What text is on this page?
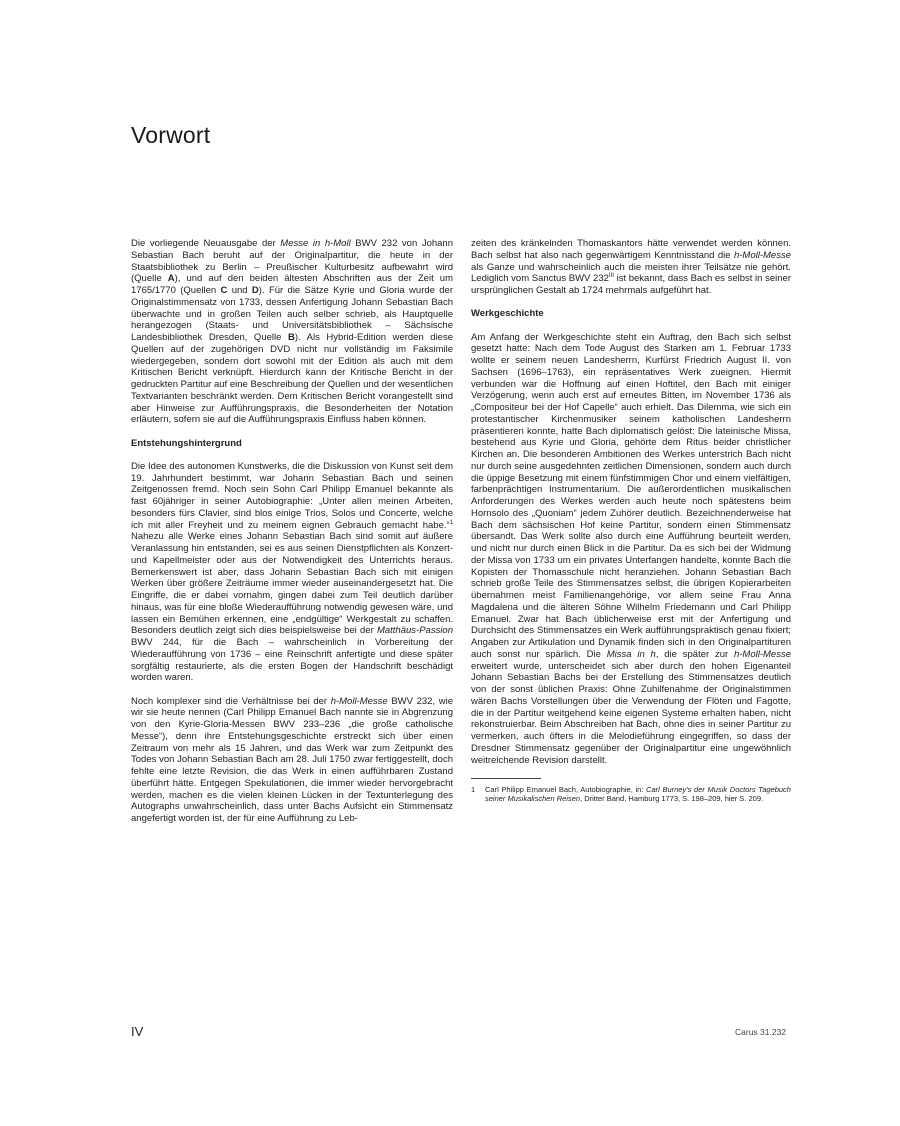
Vorwort

Die vorliegende Neuausgabe der Messe in h-Moll BWV 232 von Johann Sebastian Bach beruht auf der Originalpartitur, die heute in der Staatsbibliothek zu Berlin – Preußischer Kulturbesitz aufbewahrt wird (Quelle A), und auf den beiden ältesten Abschriften aus der Zeit um 1765/1770 (Quellen C und D). Für die Sätze Kyrie und Gloria wurde der Originalstimmensatz von 1733, dessen Anfertigung Johann Sebastian Bach überwachte und in großen Teilen auch selber schrieb, als Hauptquelle herangezogen (Staats- und Universitätsbibliothek – Sächsische Landesbibliothek Dresden, Quelle B). Als Hybrid-Edition werden diese Quellen auf der zugehörigen DVD nicht nur vollständig im Faksimile wiedergegeben, sondern dort sowohl mit der Edition als auch mit dem Kritischen Bericht verknüpft. Hierdurch kann der Kritische Bericht in der gedruckten Partitur auf eine Beschreibung der Quellen und der wesentlichen Textvarianten beschränkt werden. Dem Kritischen Bericht vorangestellt sind aber Hinweise zur Aufführungspraxis, die Besonderheiten der Notation erläutern, sofern sie auf die Aufführungspraxis Einfluss haben können.

Entstehungshintergrund

Die Idee des autonomen Kunstwerks, die die Diskussion von Kunst seit dem 19. Jahrhundert bestimmt, war Johann Sebastian Bach und seinen Zeitgenossen fremd. Noch sein Sohn Carl Philipp Emanuel bekannte als fast 60jähriger in seiner Autobiographie: „Unter allen meinen Arbeiten, besonders fürs Clavier, sind blos einige Trios, Solos und Concerte, welche ich mit aller Freyheit und zu meinem eignen Gebrauch gemacht habe.“$^1$ Nahezu alle Werke eines Johann Sebastian Bach sind somit auf äußere Veranlassung hin entstanden, sei es aus seinen Dienstpflichten als Konzert- und Kapellmeister oder aus der Notwendigkeit des Unterrichts heraus. Bemerkenswert ist aber, dass Johann Sebastian Bach sich mit einigen Werken über größere Zeiträume immer wieder auseinandergesetzt hat. Die Eingriffe, die er dabei vornahm, gingen dabei zum Teil deutlich darüber hinaus, was für eine bloße Wiederaufführung notwendig gewesen wäre, und lassen ein Bemühen erkennen, eine „endgültige“ Werkgestalt zu schaffen. Besonders deutlich zeigt sich dies beispielsweise bei der Matthäus-Passion BWV 244, für die Bach – wahrscheinlich in Vorbereitung der Wiederaufführung von 1736 – eine Reinschrift anfertigte und diese später sorgfältig restaurierte, als die ersten Bogen der Handschrift beschädigt worden waren.

Noch komplexer sind die Verhältnisse bei der h-Moll-Messe BWV 232, wie wir sie heute nennen (Carl Philipp Emanuel Bach nannte sie in Abgrenzung von den Kyrie-Gloria-Messen BWV 233–236 „die große catholische Messe“), denn ihre Entstehungsgeschichte erstreckt sich über einen Zeitraum von mehr als 15 Jahren, und das Werk war zum Zeitpunkt des Todes von Johann Sebastian Bach am 28. Juli 1750 zwar fertiggestellt, doch fehlte eine letzte Revision, die das Werk in einen aufführbaren Zustand überführt hätte. Entgegen Spekulationen, die immer wieder hervorgebracht werden, machen es die vielen kleinen Lücken in der Textunterlegung des Autographs unwahrscheinlich, dass unter Bachs Aufsicht ein Stimmensatz angefertigt worden ist, der für eine Aufführung zu Leb-

zeiten des kränkelnden Thomaskantors hätte verwendet werden können. Bach selbst hat also nach gegenwärtigem Kenntnisstand die h-Moll-Messe als Ganze und wahrscheinlich auch die meisten ihrer Teilsätze nie gehört. Lediglich vom Sanctus BWV $232^{III}$ ist bekannt, dass Bach es selbst in seiner ursprünglichen Gestalt ab 1724 mehrmals aufgeführt hat.

Werkgeschichte

Am Anfang der Werkgeschichte steht ein Auftrag, den Bach sich selbst gesetzt hatte: Nach dem Tode August des Starken am 1. Februar 1733 wollte er seinem neuen Landesherrn, Kurfürst Friedrich August II. von Sachsen (1696–1763), ein repräsentatives Werk zueignen. Hiermit verbunden war die Hoffnung auf einen Hoftitel, den Bach mit einiger Verzögerung, wenn auch erst auf erneutes Bitten, im November 1736 als „Compositeur bei der Hof Capelle“ auch erhielt. Das Dilemma, wie sich ein protestantischer Kirchenmusiker seinem katholischen Landesherrn präsentieren konnte, hatte Bach diplomatisch gelöst: Die lateinische Missa, bestehend aus Kyrie und Gloria, gehörte dem Ritus beider christlicher Kirchen an. Die besonderen Ambitionen des Werkes unterstrich Bach nicht nur durch seine ausgedehnten zeitlichen Dimensionen, sondern auch durch die üppige Besetzung mit einem fünfstimmigen Chor und einem vielfältigen, farbenprächtigen Instrumentarium. Die außerordentlichen musikalischen Anforderungen des Werkes werden auch heute noch spätestens beim Hornsolo des „Quoniam“ jedem Zuhörer deutlich. Bezeichnenderweise hat Bach dem sächsischen Hof keine Partitur, sondern einen Stimmensatz übersandt. Das Werk sollte also durch eine Aufführung beurteilt werden, und nicht nur durch einen Blick in die Partitur. Da es sich bei der Widmung der Missa von 1733 um ein privates Unterfangen handelte, konnte Bach die Kopisten der Thomasschule nicht heranziehen. Johann Sebastian Bach schrieb große Teile des Stimmensatzes selbst, die übrigen Kopierarbeiten übernahmen meist Familienangehörige, vor allem seine Frau Anna Magdalena und die älteren Söhne Wilhelm Friedemann und Carl Philipp Emanuel. Zwar hat Bach üblicherweise erst mit der Anfertigung und Durchsicht des Stimmensatzes ein Werk aufführungspraktisch genau fixiert; Angaben zur Artikulation und Dynamik finden sich in den Originalpartituren auch sonst nur spärlich. Die Missa in h, die später zur h-Moll-Messe erweitert wurde, unterscheidet sich aber durch den hohen Eigenanteil Johann Sebastian Bachs bei der Erstellung des Stimmensatzes deutlich von der sonst üblichen Praxis: Ohne Zuhilfenahme der Originalstimmen wären Bachs Vorstellungen über die Verwendung der Flöten und Fagotte, die in der Partitur weitgehend keine eigenen Systeme erhalten haben, nicht rekonstruierbar. Beim Abschreiben hat Bach, ohne dies in seiner Partitur zu vermerken, auch öfters in die Melodieführung eingegriffen, so dass der Dresdner Stimmensatz gegenüber der Originalpartitur eine ungewöhnlich weitreichende Revision darstellt.

1 Carl Philipp Emanuel Bach, Autobiographie, in: Carl Burney's der Musik Doctors Tagebuch seiner Musikalischen Reisen, Dritter Band, Hamburg 1773, S. 198–209, hier S. 209.
IV	Carus 31.232
